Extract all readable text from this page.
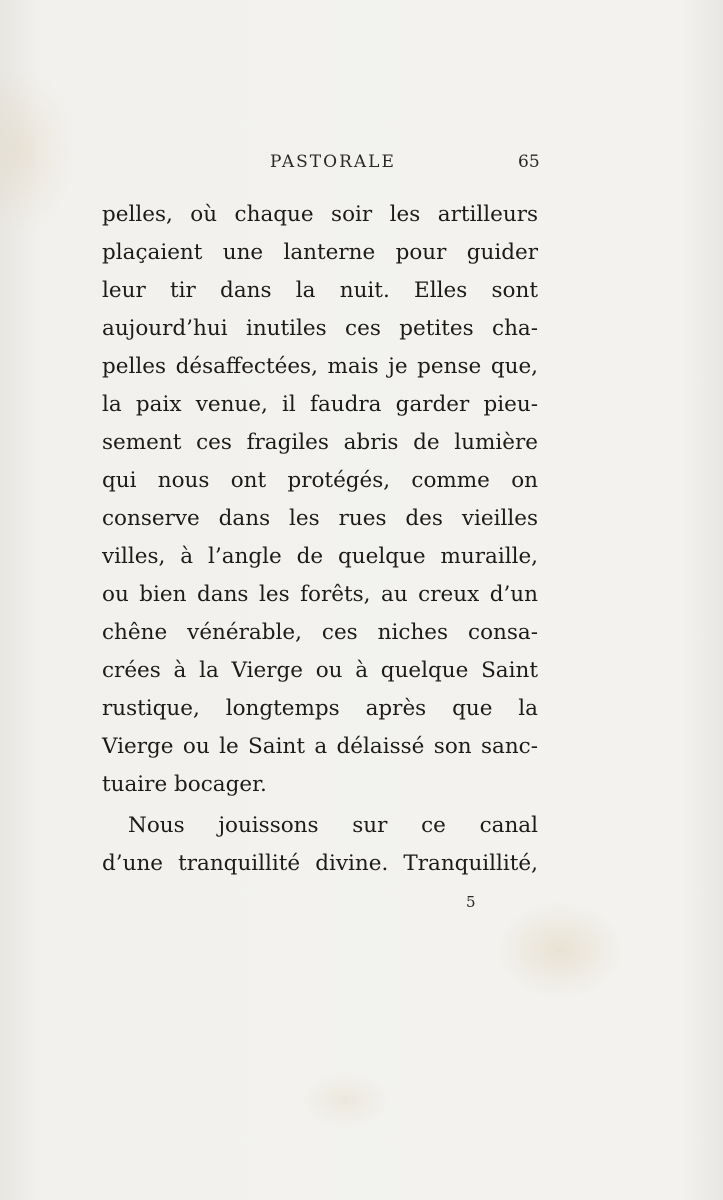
PASTORALE	65
pelles, où chaque soir les artilleurs
plaçaient une lanterne pour guider
leur tir dans la nuit. Elles sont
aujourd’hui inutiles ces petites cha-
pelles désaffectées, mais je pense que,
la paix venue, il faudra garder pieu-
sement ces fragiles abris de lumière
qui nous ont protégés, comme on
conserve dans les rues des vieilles
villes, à l’angle de quelque muraille,
ou bien dans les forêts, au creux d’un
chêne vénérable, ces niches consa-
crées à la Vierge ou à quelque Saint
rustique, longtemps après que la
Vierge ou le Saint a délaissé son sanc-
tuaire bocager.
Nous jouissons sur ce canal
d’une tranquillité divine. Tranquillité,
5
